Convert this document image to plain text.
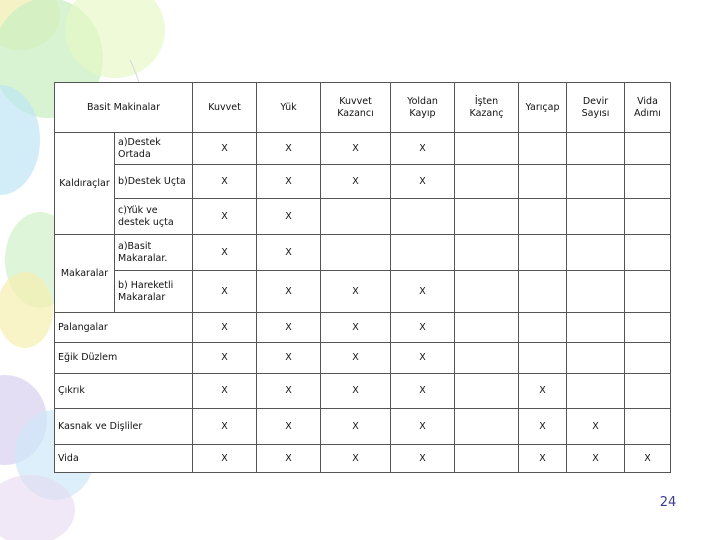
Basit Makinalar		Kuvvet	Yük	Kuvvet Kazancı	Yoldan Kayıp	İşten Kazanç	Yarıçap	Devir Sayısı	Vida Adımı
Kaldıraçlar	a)Destek Ortada	X	X	X	X				
	b)Destek Uçta	X	X	X	X				
	c)Yük ve destek uçta	X	X						
Makaralar	a)Basit Makaralar.	X	X						
	b) Hareketli Makaralar	X	X	X	X				
Palangalar		X	X	X	X				
Eğik Düzlem		X	X	X	X				
Çıkrık		X	X	X	X		X		
Kasnak ve Dişliler		X	X	X	X		X	X	
Vida		X	X	X	X		X	X	X
24
